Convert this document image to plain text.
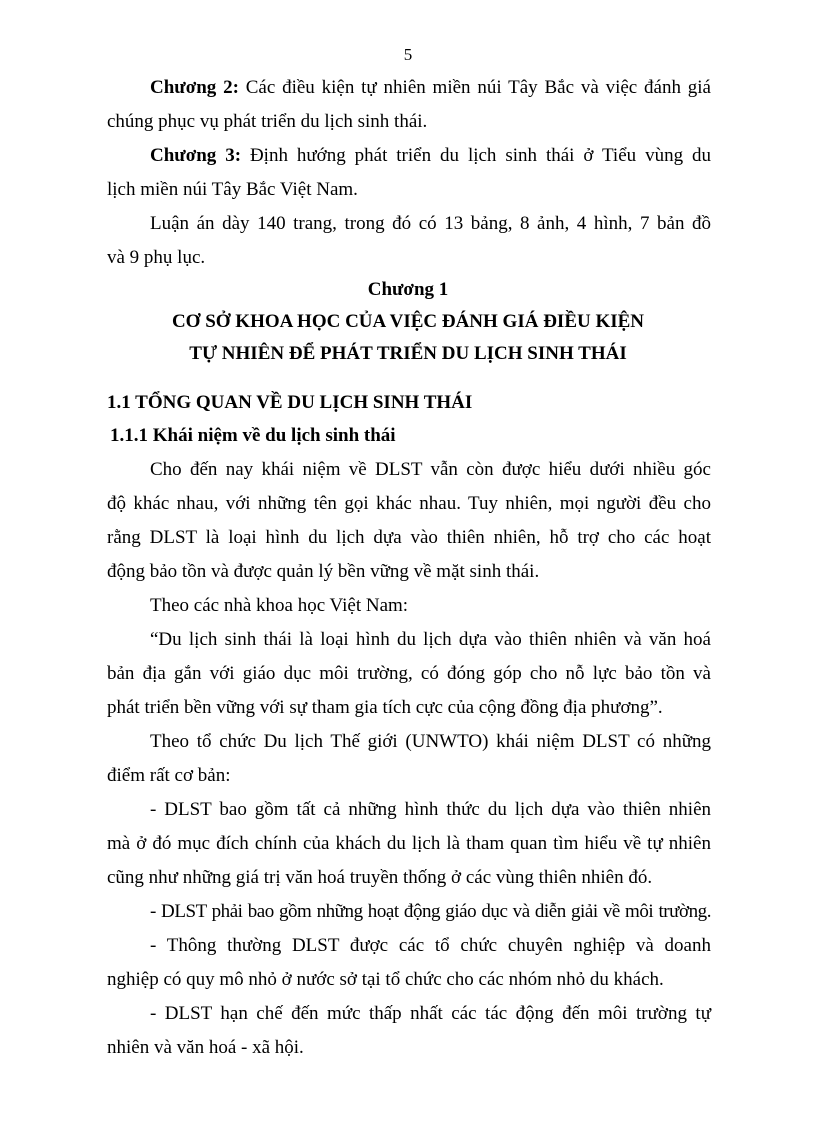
5
Chương 2: Các điều kiện tự nhiên miền núi Tây Bắc và việc đánh giá
chúng phục vụ phát triển du lịch sinh thái.
Chương 3: Định hướng phát triển du lịch sinh thái ở Tiểu vùng du
lịch miền núi Tây Bắc Việt Nam.
Luận án dày 140 trang, trong đó có 13 bảng, 8 ảnh, 4 hình, 7 bản đồ
và 9 phụ lục.
Chương 1
CƠ SỞ KHOA HỌC CỦA VIỆC ĐÁNH GIÁ ĐIỀU KIỆN
TỰ NHIÊN ĐỂ PHÁT TRIỂN DU LỊCH SINH THÁI
1.1 TỔNG QUAN VỀ DU LỊCH SINH THÁI
1.1.1 Khái niệm về du lịch sinh thái
Cho đến nay khái niệm về DLST vẫn còn được hiểu dưới nhiều góc
độ khác nhau, với những tên gọi khác nhau. Tuy nhiên, mọi người đều cho
rằng DLST là loại hình du lịch dựa vào thiên nhiên, hỗ trợ cho các hoạt
động bảo tồn và được quản lý bền vững về mặt sinh thái.
Theo các nhà khoa học Việt Nam:
“Du lịch sinh thái là loại hình du lịch dựa vào thiên nhiên và văn hoá
bản địa gắn với giáo dục môi trường, có đóng góp cho nỗ lực bảo tồn và
phát triển bền vững với sự tham gia tích cực của cộng đồng địa phương”.
Theo tổ chức Du lịch Thế giới (UNWTO) khái niệm DLST có những
điểm rất cơ bản:
- DLST bao gồm tất cả những hình thức du lịch dựa vào thiên nhiên
mà ở đó mục đích chính của khách du lịch là tham quan tìm hiểu về tự nhiên
cũng như những giá trị văn hoá truyền thống ở các vùng thiên nhiên đó.
- DLST phải bao gồm những hoạt động giáo dục và diễn giải về môi trường.
- Thông thường DLST được các tổ chức chuyên nghiệp và doanh
nghiệp có quy mô nhỏ ở nước sở tại tổ chức cho các nhóm nhỏ du khách.
- DLST hạn chế đến mức thấp nhất các tác động đến môi trường tự
nhiên và văn hoá - xã hội.
